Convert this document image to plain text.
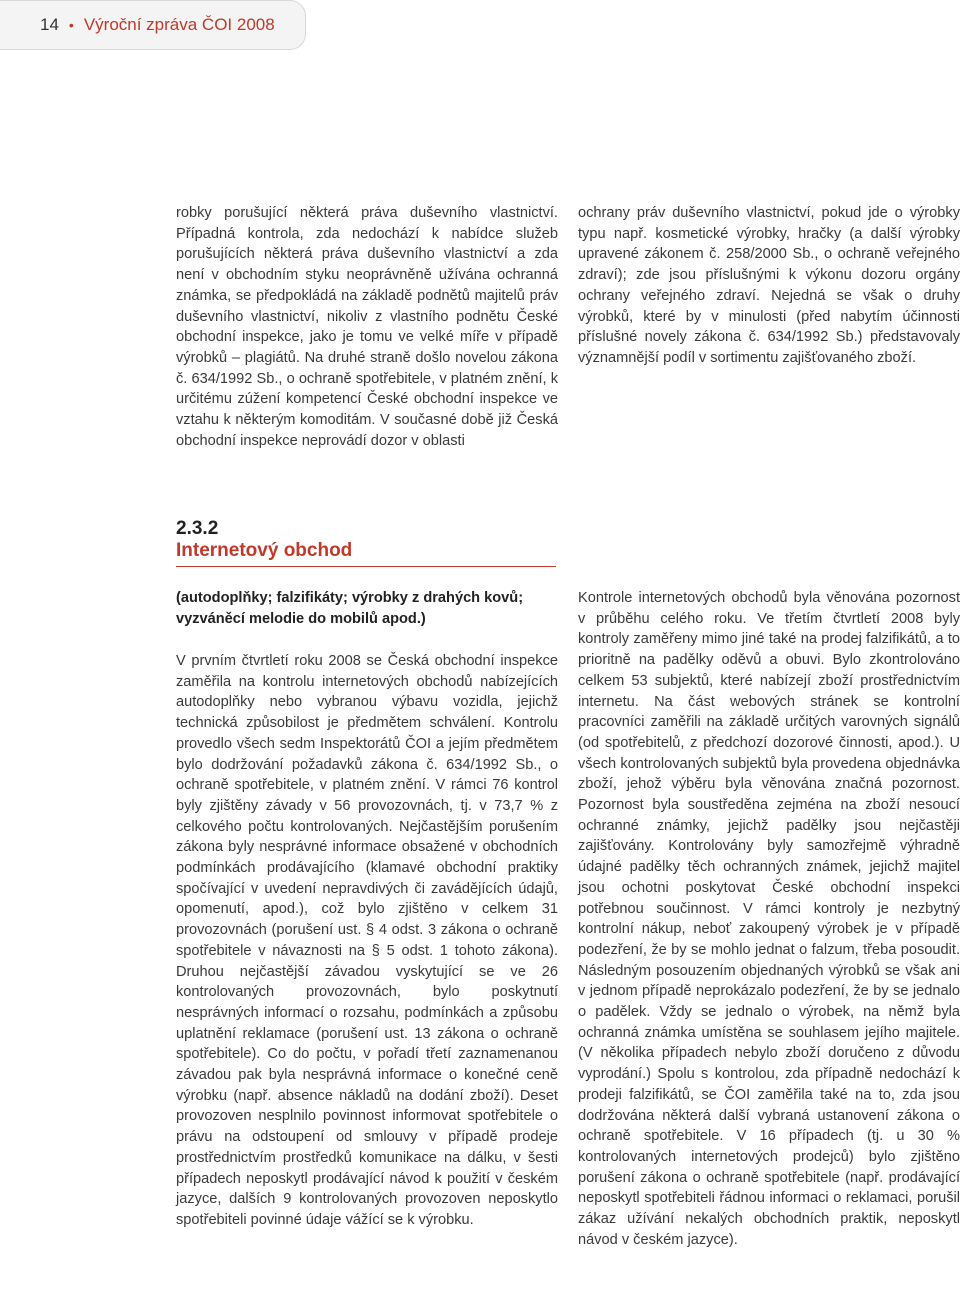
14 • Výroční zpráva ČOI 2008

robky porušující některá práva duševního vlastnictví. Případná kontrola, zda nedochází k nabídce služeb porušujících některá práva duševního vlastnictví a zda není v obchodním styku neoprávněně užívána ochranná známka, se předpokládá na základě podnětů majitelů práv duševního vlastnictví, nikoliv z vlastního podnětu České obchodní inspekce, jako je tomu ve velké míře v případě výrobků – plagiátů. Na druhé straně došlo novelou zákona č. 634/1992 Sb., o ochraně spotřebitele, v platném znění, k určitému zúžení kompetencí České obchodní inspekce ve vztahu k některým komoditám. V současné době již Česká obchodní inspekce neprovádí dozor v oblasti

ochrany práv duševního vlastnictví, pokud jde o výrobky typu např. kosmetické výrobky, hračky (a další výrobky upravené zákonem č. 258/2000 Sb., o ochraně veřejného zdraví); zde jsou příslušnými k výkonu dozoru orgány ochrany veřejného zdraví. Nejedná se však o druhy výrobků, které by v minulosti (před nabytím účinnosti příslušné novely zákona č. 634/1992 Sb.) představovaly významnější podíl v sortimentu zajišťovaného zboží.

2.3.2
Internetový obchod
(autodoplňky; falzifikáty; výrobky z drahých kovů; vyzváněcí melodie do mobilů apod.)

V prvním čtvrtletí roku 2008 se Česká obchodní inspekce zaměřila na kontrolu internetových obchodů nabízejících autodoplňky nebo vybranou výbavu vozidla, jejichž technická způsobilost je předmětem schválení. Kontrolu provedlo všech sedm Inspektorátů ČOI a jejím předmětem bylo dodržování požadavků zákona č. 634/1992 Sb., o ochraně spotřebitele, v platném znění. V rámci 76 kontrol byly zjištěny závady v 56 provozovnách, tj. v 73,7 % z celkového počtu kontrolovaných. Nejčastějším porušením zákona byly nesprávné informace obsažené v obchodních podmínkách prodávajícího (klamavé obchodní praktiky spočívající v uvedení nepravdivých či zavádějících údajů, opomenutí, apod.), což bylo zjištěno v celkem 31 provozovnách (porušení ust. § 4 odst. 3 zákona o ochraně spotřebitele v návaznosti na § 5 odst. 1 tohoto zákona). Druhou nejčastější závadou vyskytující se ve 26 kontrolovaných provozovnách, bylo poskytnutí nesprávných informací o rozsahu, podmínkách a způsobu uplatnění reklamace (porušení ust. 13 zákona o ochraně spotřebitele). Co do počtu, v pořadí třetí zaznamenanou závadou pak byla nesprávná informace o konečné ceně výrobku (např. absence nákladů na dodání zboží). Deset provozoven nesplnilo povinnost informovat spotřebitele o právu na odstoupení od smlouvy v případě prodeje prostřednictvím prostředků komunikace na dálku, v šesti případech neposkytl prodávající návod k použití v českém jazyce, dalších 9 kontrolovaných provozoven neposkytlo spotřebiteli povinné údaje vážící se k výrobku.

Kontrole internetových obchodů byla věnována pozornost v průběhu celého roku. Ve třetím čtvrtletí 2008 byly kontroly zaměřeny mimo jiné také na prodej falzifikátů, a to prioritně na padělky oděvů a obuvi. Bylo zkontrolováno celkem 53 subjektů, které nabízejí zboží prostřednictvím internetu. Na část webových stránek se kontrolní pracovníci zaměřili na základě určitých varovných signálů (od spotřebitelů, z předchozí dozorové činnosti, apod.). U všech kontrolovaných subjektů byla provedena objednávka zboží, jehož výběru byla věnována značná pozornost. Pozornost byla soustředěna zejména na zboží nesoucí ochranné známky, jejichž padělky jsou nejčastěji zajišťovány. Kontrolovány byly samozřejmě výhradně údajné padělky těch ochranných známek, jejichž majitel jsou ochotni poskytovat České obchodní inspekci potřebnou součinnost. V rámci kontroly je nezbytný kontrolní nákup, neboť zakoupený výrobek je v případě podezření, že by se mohlo jednat o falzum, třeba posoudit. Následným posouzením objednaných výrobků se však ani v jednom případě neprokázalo podezření, že by se jednalo o padělek. Vždy se jednalo o výrobek, na němž byla ochranná známka umístěna se souhlasem jejího majitele. (V několika případech nebylo zboží doručeno z důvodu vyprodání.) Spolu s kontrolou, zda případně nedochází k prodeji falzifikátů, se ČOI zaměřila také na to, zda jsou dodržována některá další vybraná ustanovení zákona o ochraně spotřebitele. V 16 případech (tj. u 30 % kontrolovaných internetových prodejců) bylo zjištěno porušení zákona o ochraně spotřebitele (např. prodávající neposkytl spotřebiteli řádnou informaci o reklamaci, porušil zákaz užívání nekalých obchodních praktik, neposkytl návod v českém jazyce).
